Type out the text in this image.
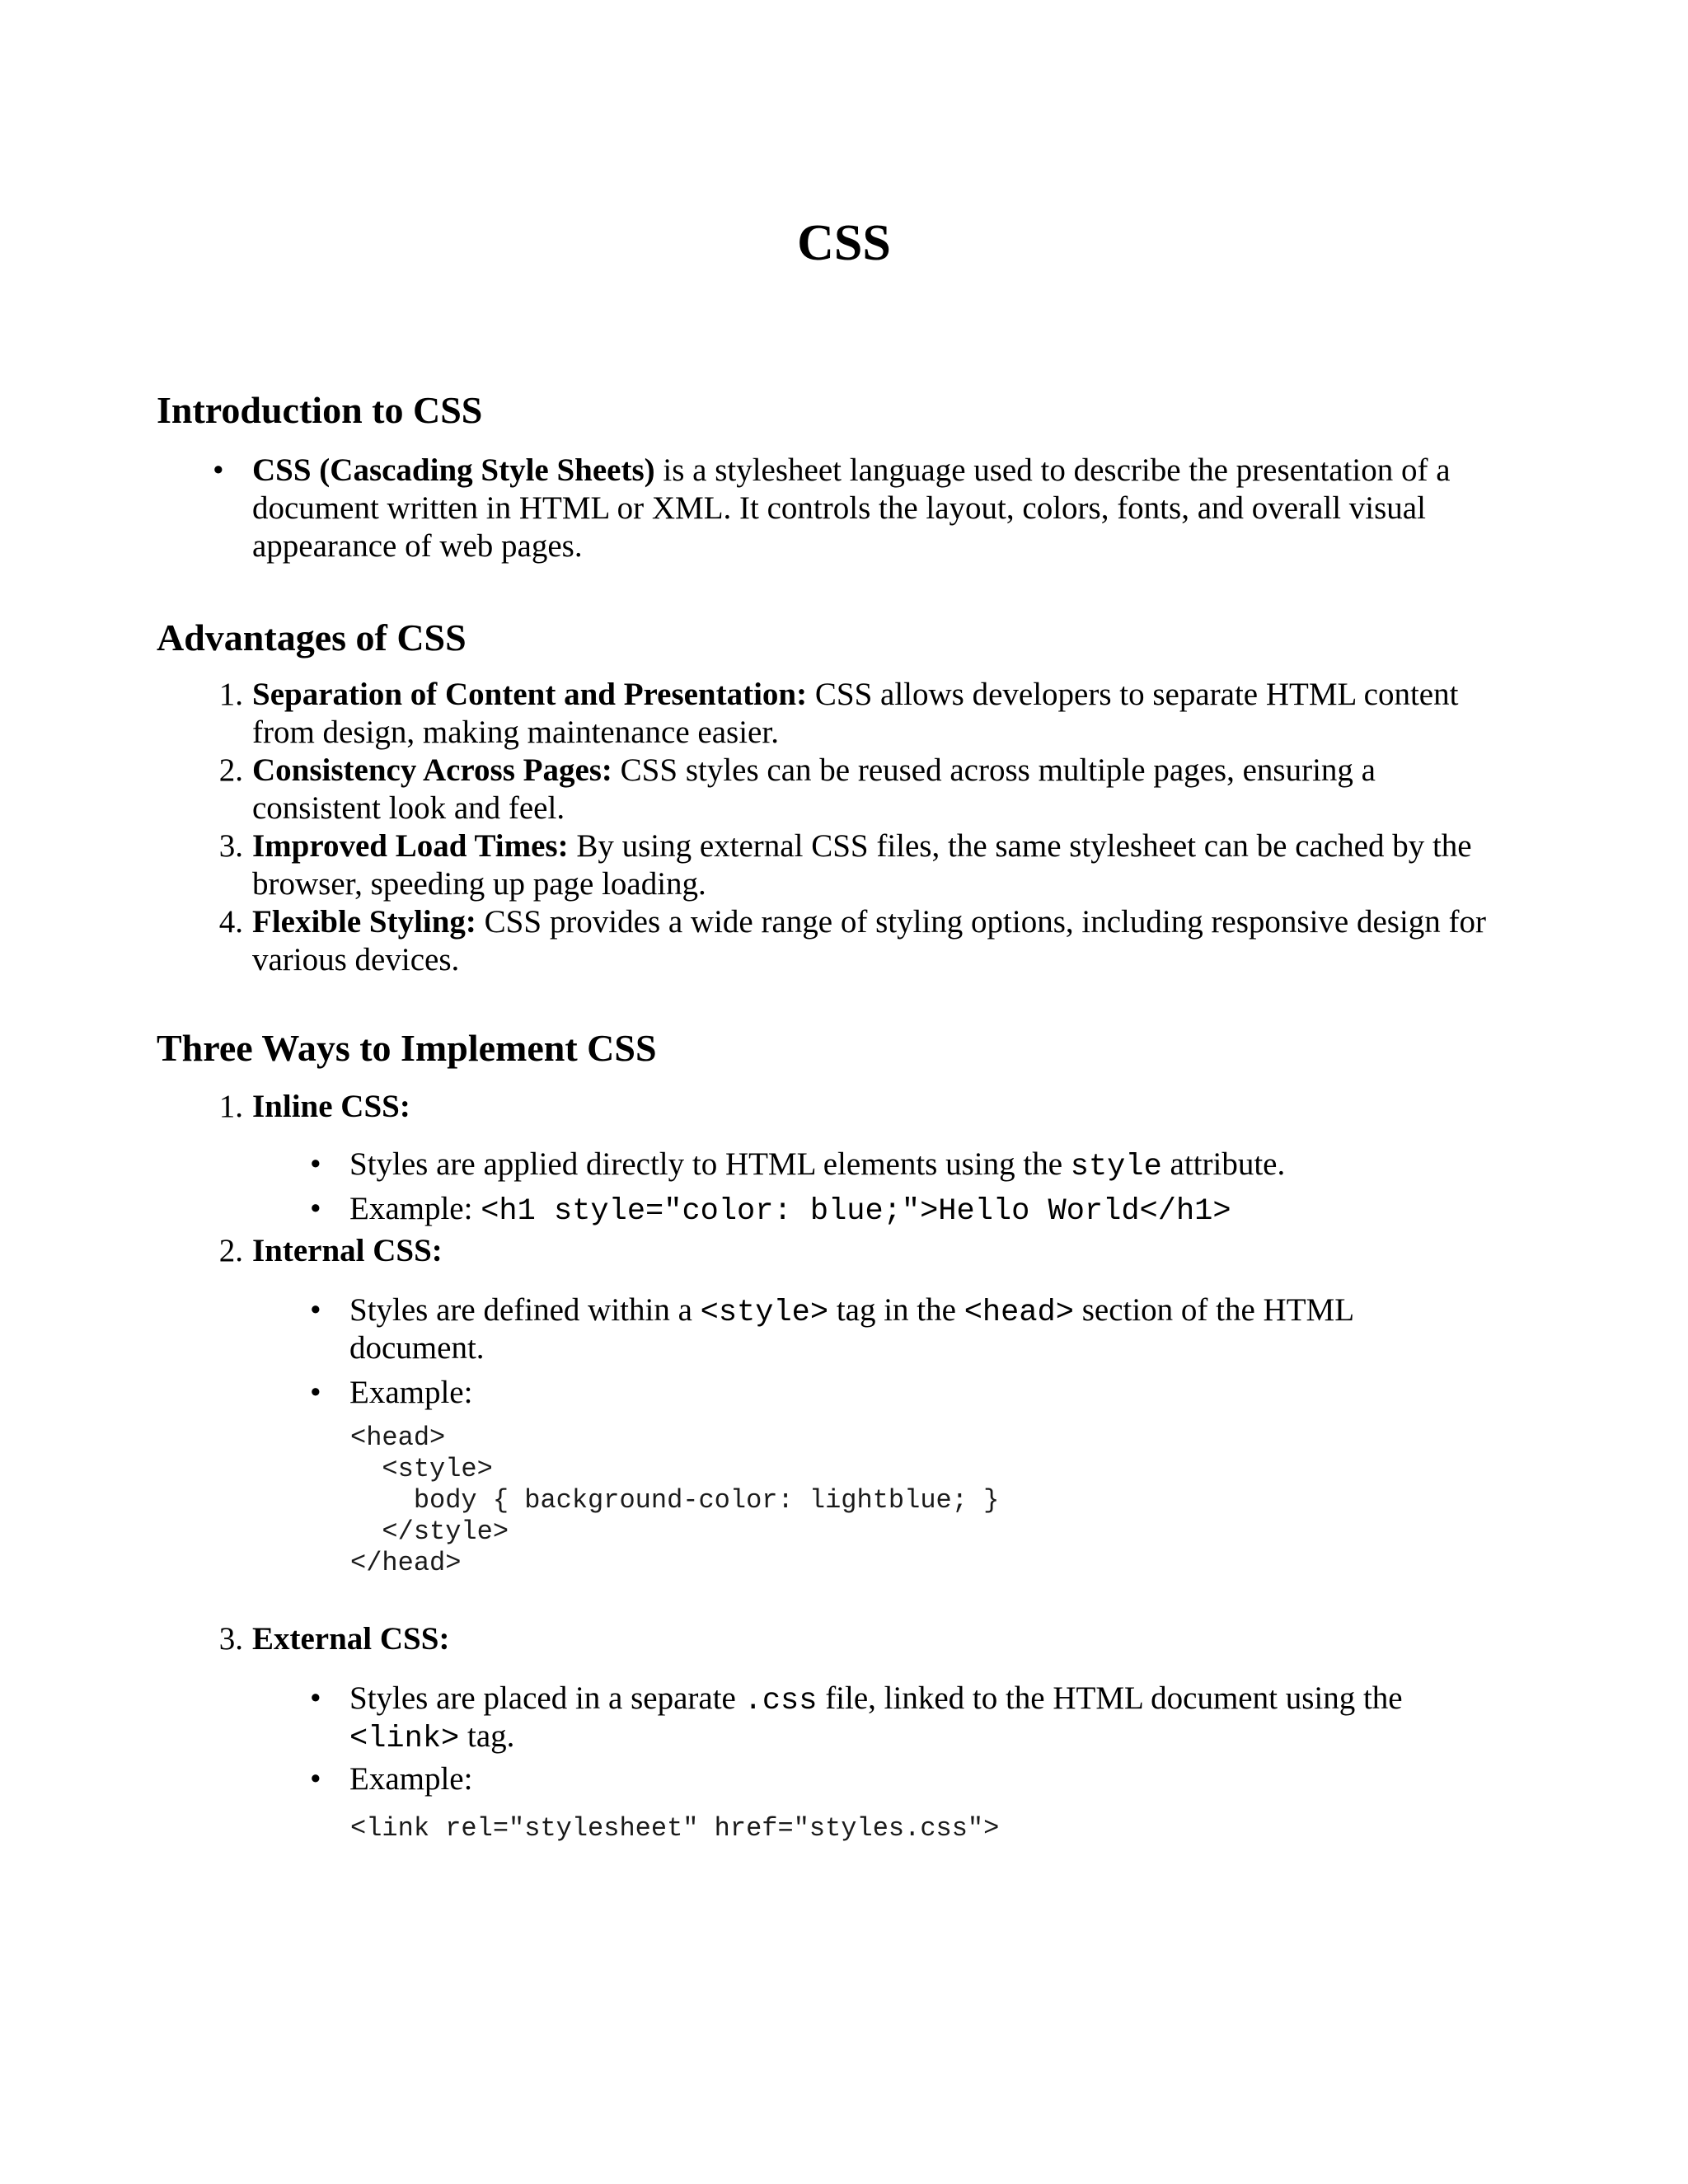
CSS
Introduction to CSS
• CSS (Cascading Style Sheets) is a stylesheet language used to describe the presentation of a
document written in HTML or XML. It controls the layout, colors, fonts, and overall visual
appearance of web pages.
Advantages of CSS
1. Separation of Content and Presentation: CSS allows developers to separate HTML content
from design, making maintenance easier.
2. Consistency Across Pages: CSS styles can be reused across multiple pages, ensuring a
consistent look and feel.
3. Improved Load Times: By using external CSS files, the same stylesheet can be cached by the
browser, speeding up page loading.
4. Flexible Styling: CSS provides a wide range of styling options, including responsive design for
various devices.
Three Ways to Implement CSS
1. Inline CSS:
• Styles are applied directly to HTML elements using the style attribute.
• Example: <h1 style="color: blue;">Hello World</h1>
2. Internal CSS:
• Styles are defined within a <style> tag in the <head> section of the HTML
document.
• Example:
<head>
<style>
body { background-color: lightblue; }
</style>
</head>
3. External CSS:
• Styles are placed in a separate .css file, linked to the HTML document using the
<link> tag.
• Example:
<link rel="stylesheet" href="styles.css">
